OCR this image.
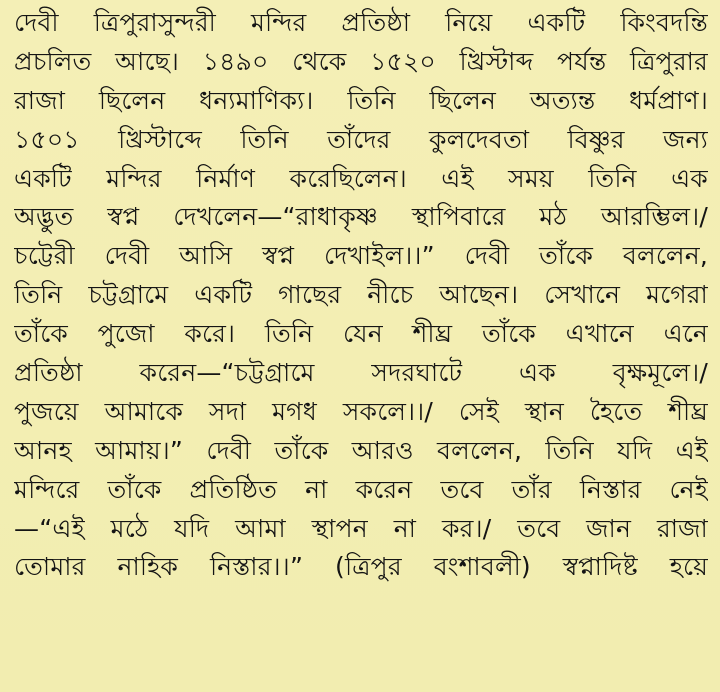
দেবী ত্রিপুরাসুন্দরী মন্দির প্রতিষ্ঠা নিয়ে একটি কিংবদন্তি
প্রচলিত আছে। ১৪৯০ থেকে ১৫২০ খ্রিস্টাব্দ পর্যন্ত ত্রিপুরার
রাজা ছিলেন ধন্যমাণিক্য। তিনি ছিলেন অত্যন্ত ধর্মপ্রাণ।
১৫০১ খ্রিস্টাব্দে তিনি তাঁদের কুলদেবতা বিষ্ণুর জন্য
একটি মন্দির নির্মাণ করেছিলেন। এই সময় তিনি এক
অদ্ভুত স্বপ্ন দেখলেন—“রাধাকৃষ্ণ স্থাপিবারে মঠ আরম্ভিল।/
চট্টেরী দেবী আসি স্বপ্ন দেখাইল।।” দেবী তাঁকে বললেন,
তিনি চট্টগ্রামে একটি গাছের নীচে আছেন। সেখানে মগেরা
তাঁকে পুজো করে। তিনি যেন শীঘ্র তাঁকে এখানে এনে
প্রতিষ্ঠা করেন—“চট্টগ্রামে সদরঘাটে এক বৃক্ষমূলে।/
পুজয়ে আমাকে সদা মগধ সকলে।।/ সেই স্থান হৈতে শীঘ্র
আনহ আমায়।” দেবী তাঁকে আরও বললেন, তিনি যদি এই
মন্দিরে তাঁকে প্রতিষ্ঠিত না করেন তবে তাঁর নিস্তার নেই
—“এই মঠে যদি আমা স্থাপন না কর।/ তবে জান রাজা
তোমার নাহিক নিস্তার।।” (ত্রিপুর বংশাবলী) স্বপ্নাদিষ্ট হয়ে
